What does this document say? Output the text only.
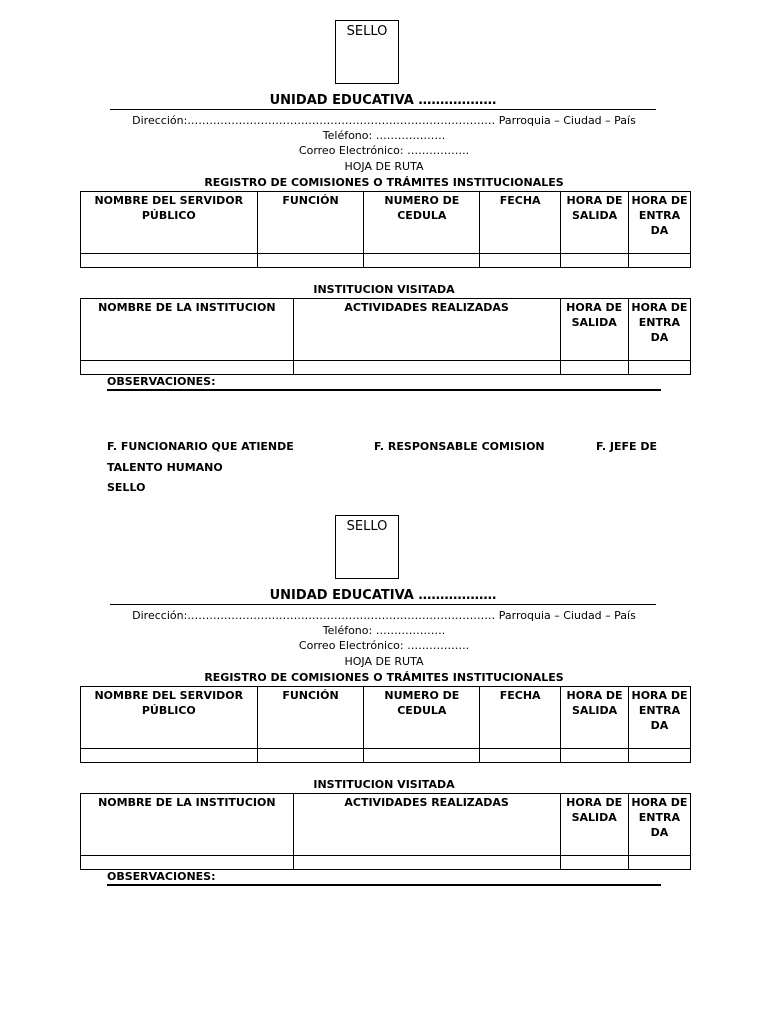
SELLO
UNIDAD EDUCATIVA ………………
Dirección:………………………………………………………………………… Parroquia – Ciudad – País
Teléfono: ……………….
Correo Electrónico: ……………..
HOJA DE RUTA
REGISTRO DE COMISIONES O TRÁMITES INSTITUCIONALES
NOMBRE DEL SERVIDOR PÚBLICO	FUNCIÓN	NUMERO DE CEDULA	FECHA	HORA DE SALIDA	HORA DE ENTRA DA

INSTITUCION VISITADA
NOMBRE DE LA INSTITUCION	ACTIVIDADES REALIZADAS	HORA DE SALIDA	HORA DE ENTRA DA

OBSERVACIONES:
F. FUNCIONARIO QUE ATIENDE	F. RESPONSABLE COMISION	F. JEFE DE
TALENTO HUMANO
SELLO
SELLO
UNIDAD EDUCATIVA ………………
Dirección:………………………………………………………………………… Parroquia – Ciudad – País
Teléfono: ……………….
Correo Electrónico: ……………..
HOJA DE RUTA
REGISTRO DE COMISIONES O TRÁMITES INSTITUCIONALES
NOMBRE DEL SERVIDOR PÚBLICO	FUNCIÓN	NUMERO DE CEDULA	FECHA	HORA DE SALIDA	HORA DE ENTRA DA

INSTITUCION VISITADA
NOMBRE DE LA INSTITUCION	ACTIVIDADES REALIZADAS	HORA DE SALIDA	HORA DE ENTRA DA

OBSERVACIONES:
